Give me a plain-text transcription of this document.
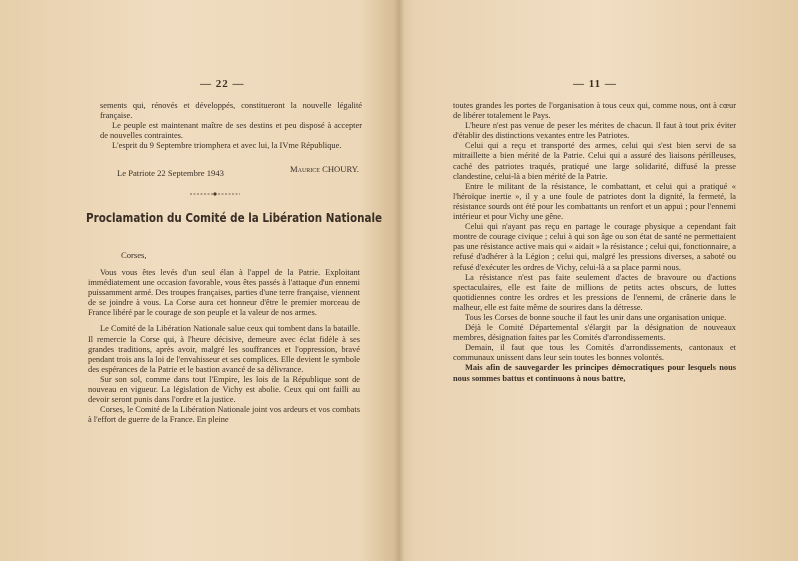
— 22 —

sements qui, rénovés et développés, constitueront la nouvelle légalité française.

Le peuple est maintenant maître de ses destins et peu disposé à accepter de nouvelles contraintes.

L'esprit du 9 Septembre triomphera et avec lui, la IVme République.

Maurice CHOURY.
Le Patriote 22 Septembre 1943
Proclamation du Comité de la Libération Nationale
Corses,

Vous vous êtes levés d'un seul élan à l'appel de la Patrie. Exploitant immédiatement une occasion favorable, vous êtes passés à l'attaque d'un ennemi puissamment armé. Des troupes françaises, parties d'une terre française, viennent de se joindre à vous. La Corse aura cet honneur d'être le premier morceau de France libéré par le courage de son peuple et la valeur de nos armes.

Le Comité de la Libération Nationale salue ceux qui tombent dans la bataille. Il remercie la Corse qui, à l'heure décisive, demeure avec éclat fidèle à ses grandes traditions, après avoir, malgré les souffrances et l'oppression, bravé pendant trois ans la loi de l'envahisseur et ses complices. Elle devient le symbole des espérances de la Patrie et le bastion avancé de sa délivrance.

Sur son sol, comme dans tout l'Empire, les lois de la République sont de nouveau en vigueur. La législation de Vichy est abolie. Ceux qui ont failli au devoir seront punis dans l'ordre et la justice.

Corses, le Comité de la Libération Nationale joint vos ardeurs et vos combats à l'effort de guerre de la France. En pleine

— 11 —

toutes grandes les portes de l'organisation à tous ceux qui, comme nous, ont à cœur de libérer totalement le Pays.

L'heure n'est pas venue de peser les mérites de chacun. Il faut à tout prix éviter d'établir des distinctions vexantes entre les Patriotes.

Celui qui a reçu et transporté des armes, celui qui s'est bien servi de sa mitraillette a bien mérité de la Patrie. Celui qui a assuré des liaisons périlleuses, caché des patriotes traqués, pratiqué une large solidarité, diffusé la presse clandestine, celui-là a bien mérité de la Patrie.

Entre le militant de la résistance, le combattant, et celui qui a pratiqué « l'héroïque inertie », il y a une foule de patriotes dont la dignité, la fermeté, la résistance sourds ont été pour les combattants un renfort et un appui ; pour l'ennemi intérieur et pour Vichy une gêne.

Celui qui n'ayant pas reçu en partage le courage physique a cependant fait montre de courage civique ; celui à qui son âge ou son état de santé ne permettaient pas une résistance active mais qui « aidait » la résistance ; celui qui, fonctionnaire, a refusé d'adhérer à la Légion ; celui qui, malgré les pressions diverses, a saboté ou refusé d'exécuter les ordres de Vichy, celui-là a sa place parmi nous.

La résistance n'est pas faite seulement d'actes de bravoure ou d'actions spectaculaires, elle est faite de millions de petits actes obscurs, de luttes quotidiennes contre les ordres et les pressions de l'ennemi, de crânerie dans le malheur, elle est faite même de sourires dans la détresse.

Tous les Corses de bonne souche il faut les unir dans une organisation unique.

Déjà le Comité Départemental s'élargit par la désignation de nouveaux membres, désignation faites par les Comités d'arrondissements.

Demain, il faut que tous les Comités d'arrondissements, cantonaux et communaux unissent dans leur sein toutes les bonnes volontés.

Mais afin de sauvegarder les principes démocratiques pour lesquels nous nous sommes battus et continuons à nous battre,
